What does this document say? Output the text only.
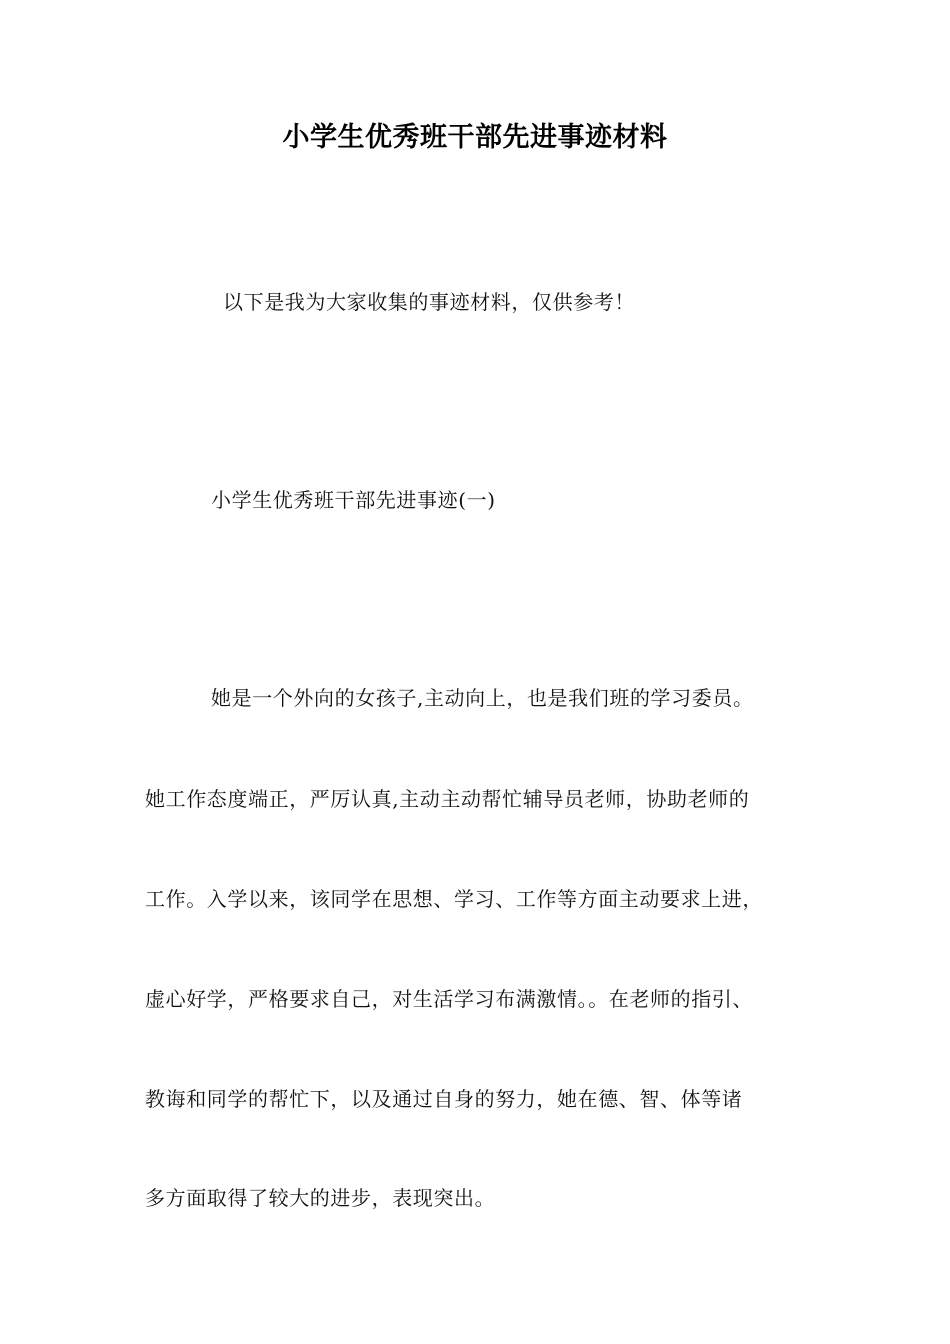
小学生优秀班干部先进事迹材料
以下是我为大家收集的事迹材料，仅供参考！
小学生优秀班干部先进事迹(一)
她是一个外向的女孩子,主动向上，也是我们班的学习委员。
她工作态度端正，严厉认真,主动主动帮忙辅导员老师，协助老师的
工作。入学以来，该同学在思想、学习、工作等方面主动要求上进，
虚心好学，严格要求自己，对生活学习布满激情。。在老师的指引、
教诲和同学的帮忙下，以及通过自身的努力，她在德、智、体等诸
多方面取得了较大的进步，表现突出。
